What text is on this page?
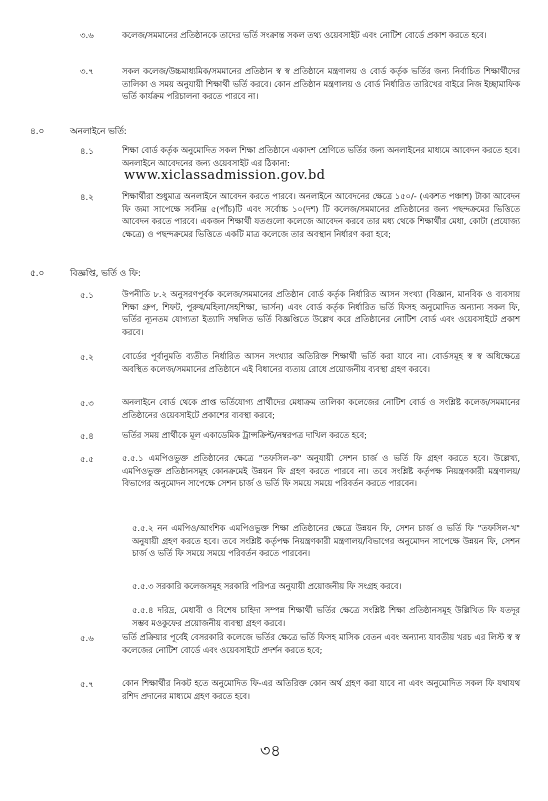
৩.৬	কলেজ/সমমানের প্রতিষ্ঠানকে তাদের ভর্তি সংক্রান্ত সকল তথ্য ওয়েবসাইট এবং নোটিশ বোর্ডে প্রকাশ করতে হবে।
৩.৭	সকল কলেজ/উচ্চমাধ্যমিক/সমমানের প্রতিষ্ঠান স্ব স্ব প্রতিষ্ঠানে মন্ত্রণালয় ও বোর্ড কর্তৃক ভর্তির জন্য নির্বাচিত শিক্ষার্থীদের তালিকা ও সময় অনুযায়ী শিক্ষার্থী ভর্তি করবে। কোন প্রতিষ্ঠান মন্ত্রণালয় ও বোর্ড নির্ধারিত তারিখের বাইরে নিজ ইচ্ছামাফিক ভর্তি কার্যক্রম পরিচালনা করতে পারবে না।
৪.০	অনলাইনে ভর্তি:
৪.১	শিক্ষা বোর্ড কর্তৃক অনুমোদিত সকল শিক্ষা প্রতিষ্ঠানে একাদশ শ্রেণিতে ভর্তির জন্য অনলাইনের মাধ্যমে আবেদন করতে হবে। অনলাইনে আবেদনের জন্য ওয়েবসাইট এর ঠিকানা:
www.xiclassadmission.gov.bd
৪.২	শিক্ষার্থীরা শুধুমাত্র অনলাইনে আবেদন করতে পারবে। অনলাইনে আবেদনের ক্ষেত্রে ১৫০/- (একশত পঞ্চাশ) টাকা আবেদন ফি জমা সাপেক্ষে সর্বনিম্ন ৫(পাঁচ)টি এবং সর্বোচ্চ ১০(দশ) টি কলেজ/সমমানের প্রতিষ্ঠানের জন্য পছন্দক্রমের ভিত্তিতে আবেদন করতে পারবে। একজন শিক্ষার্থী যতগুলো কলেজে আবেদন করবে তার মধ্য থেকে শিক্ষার্থীর মেধা, কোটা (প্রযোজ্য ক্ষেত্রে) ও পছন্দক্রমের ভিত্তিতে একটি মাত্র কলেজে তার অবস্থান নির্ধারণ করা হবে;
৫.০	বিজ্ঞপ্তি, ভর্তি ও ফি:
৫.১	উপনীতি ৮.২ অনুসরণপূর্বক কলেজ/সমমানের প্রতিষ্ঠান বোর্ড কর্তৃক নির্ধারিত আসন সংখ্যা (বিজ্ঞান, মানবিক ও ব্যবসায় শিক্ষা গ্রুপ, শিফট, পুরুষ/মহিলা/সহশিক্ষা, ভার্সন) এবং বোর্ড কর্তৃক নির্ধারিত ভর্তি ফিসহ অনুমোদিত অন্যান্য সকল ফি, ভর্তির ন্যূনতম যোগ্যতা ইত্যাদি সম্বলিত ভর্তি বিজ্ঞপ্তিতে উল্লেখ করে প্রতিষ্ঠানের নোটিশ বোর্ড এবং ওয়েবসাইটে প্রকাশ করবে।
৫.২	বোর্ডের পূর্বানুমতি ব্যতীত নির্ধারিত আসন সংখ্যার অতিরিক্ত শিক্ষার্থী ভর্তি করা যাবে না। বোর্ডসমূহ স্ব স্ব অধিক্ষেত্রে অবস্থিত কলেজ/সমমানের প্রতিষ্ঠানে এই বিধানের ব্যত্যয় রোধে প্রয়োজনীয় ব্যবস্থা গ্রহণ করবে।
৫.৩	অনলাইনে বোর্ড থেকে প্রাপ্ত ভর্তিযোগ্য প্রার্থীদের মেধাক্রম তালিকা কলেজের নোটিশ বোর্ড ও সংশ্লিষ্ট কলেজ/সমমানের প্রতিষ্ঠানের ওয়েবসাইটে প্রকাশের ব্যবস্থা করবে;
৫.৪	ভর্তির সময় প্রার্থীকে মূল একাডেমিক ট্রান্সক্রিপ্ট/নম্বরপত্র দাখিল করতে হবে;
৫.৫	৫.৫.১ এমপিওভুক্ত প্রতিষ্ঠানের ক্ষেত্রে "তফসিল-ক" অনুযায়ী সেশন চার্জ ও ভর্তি ফি গ্রহণ করতে হবে। উল্লেখ্য, এমপিওভুক্ত প্রতিষ্ঠানসমূহ কোনক্রমেই উন্নয়ন ফি গ্রহণ করতে পারবে না। তবে সংশ্লিষ্ট কর্তৃপক্ষ নিয়ন্ত্রণকারী মন্ত্রণালয়/বিভাগের অনুমোদন সাপেক্ষে সেশন চার্জ ও ভর্তি ফি সময়ে সময়ে পরিবর্তন করতে পারবেন।
৫.৫.২ নন এমপিও/আংশিক এমপিওভুক্ত শিক্ষা প্রতিষ্ঠানের ক্ষেত্রে উন্নয়ন ফি, সেশন চার্জ ও ভর্তি ফি "তফসিল-খ" অনুযায়ী গ্রহণ করতে হবে। তবে সংশ্লিষ্ট কর্তৃপক্ষ নিয়ন্ত্রণকারী মন্ত্রণালয়/বিভাগের অনুমোদন সাপেক্ষে উন্নয়ন ফি, সেশন চার্জ ও ভর্তি ফি সময়ে সময়ে পরিবর্তন করতে পারবেন।
৫.৫.৩ সরকারি কলেজসমূহ সরকারি পরিপত্র অনুযায়ী প্রয়োজনীয় ফি সংগ্রহ করবে।
৫.৫.৪ দরিদ্র, মেধাবী ও বিশেষ চাহিদা সম্পন্ন শিক্ষার্থী ভর্তির ক্ষেত্রে সংশ্লিষ্ট শিক্ষা প্রতিষ্ঠানসমূহ উল্লিখিত ফি যতদূর সম্ভব মওকুফের প্রয়োজনীয় ব্যবস্থা গ্রহণ করবে।
৫.৬	ভর্তি প্রক্রিয়ার পূর্বেই বেসরকারি কলেজে ভর্তির ক্ষেত্রে ভর্তি ফিসহ মাসিক বেতন এবং অন্যান্য যাবতীয় খরচ এর লিস্ট স্ব স্ব কলেজের নোটিশ বোর্ডে এবং ওয়েবসাইটে প্রদর্শন করতে হবে;
৫.৭	কোন শিক্ষার্থীর নিকট হতে অনুমোদিত ফি-এর অতিরিক্ত কোন অর্থ গ্রহণ করা যাবে না এবং অনুমোদিত সকল ফি যথাযথ রশিদ প্রদানের মাধ্যমে গ্রহণ করতে হবে।
৩৪
